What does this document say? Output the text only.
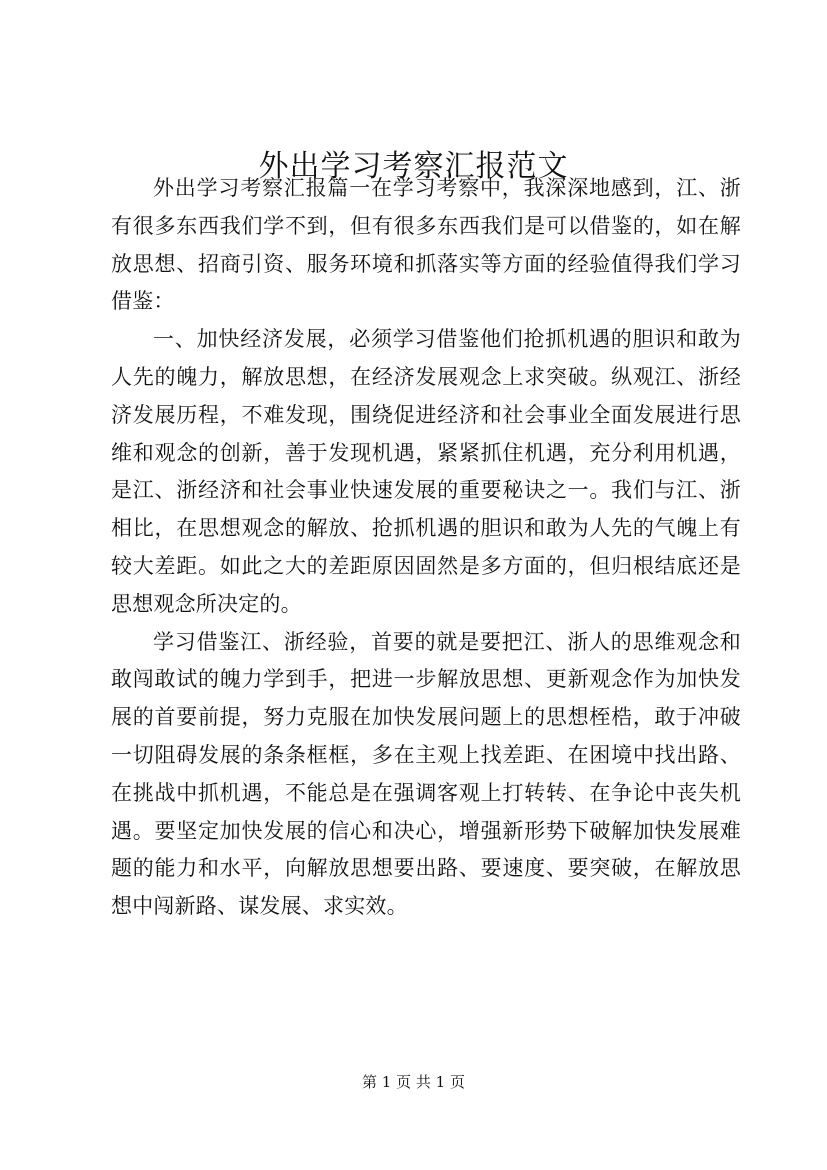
外出学习考察汇报范文

外出学习考察汇报篇一在学习考察中，我深深地感到，江、浙有很多东西我们学不到，但有很多东西我们是可以借鉴的，如在解放思想、招商引资、服务环境和抓落实等方面的经验值得我们学习借鉴：

一、加快经济发展，必须学习借鉴他们抢抓机遇的胆识和敢为人先的魄力，解放思想，在经济发展观念上求突破。纵观江、浙经济发展历程，不难发现，围绕促进经济和社会事业全面发展进行思维和观念的创新，善于发现机遇，紧紧抓住机遇，充分利用机遇，是江、浙经济和社会事业快速发展的重要秘诀之一。我们与江、浙相比，在思想观念的解放、抢抓机遇的胆识和敢为人先的气魄上有较大差距。如此之大的差距原因固然是多方面的，但归根结底还是思想观念所决定的。

学习借鉴江、浙经验，首要的就是要把江、浙人的思维观念和敢闯敢试的魄力学到手，把进一步解放思想、更新观念作为加快发展的首要前提，努力克服在加快发展问题上的思想桎梏，敢于冲破一切阻碍发展的条条框框，多在主观上找差距、在困境中找出路、在挑战中抓机遇，不能总是在强调客观上打转转、在争论中丧失机遇。要坚定加快发展的信心和决心，增强新形势下破解加快发展难题的能力和水平，向解放思想要出路、要速度、要突破，在解放思想中闯新路、谋发展、求实效。

第 1 页 共 1 页
